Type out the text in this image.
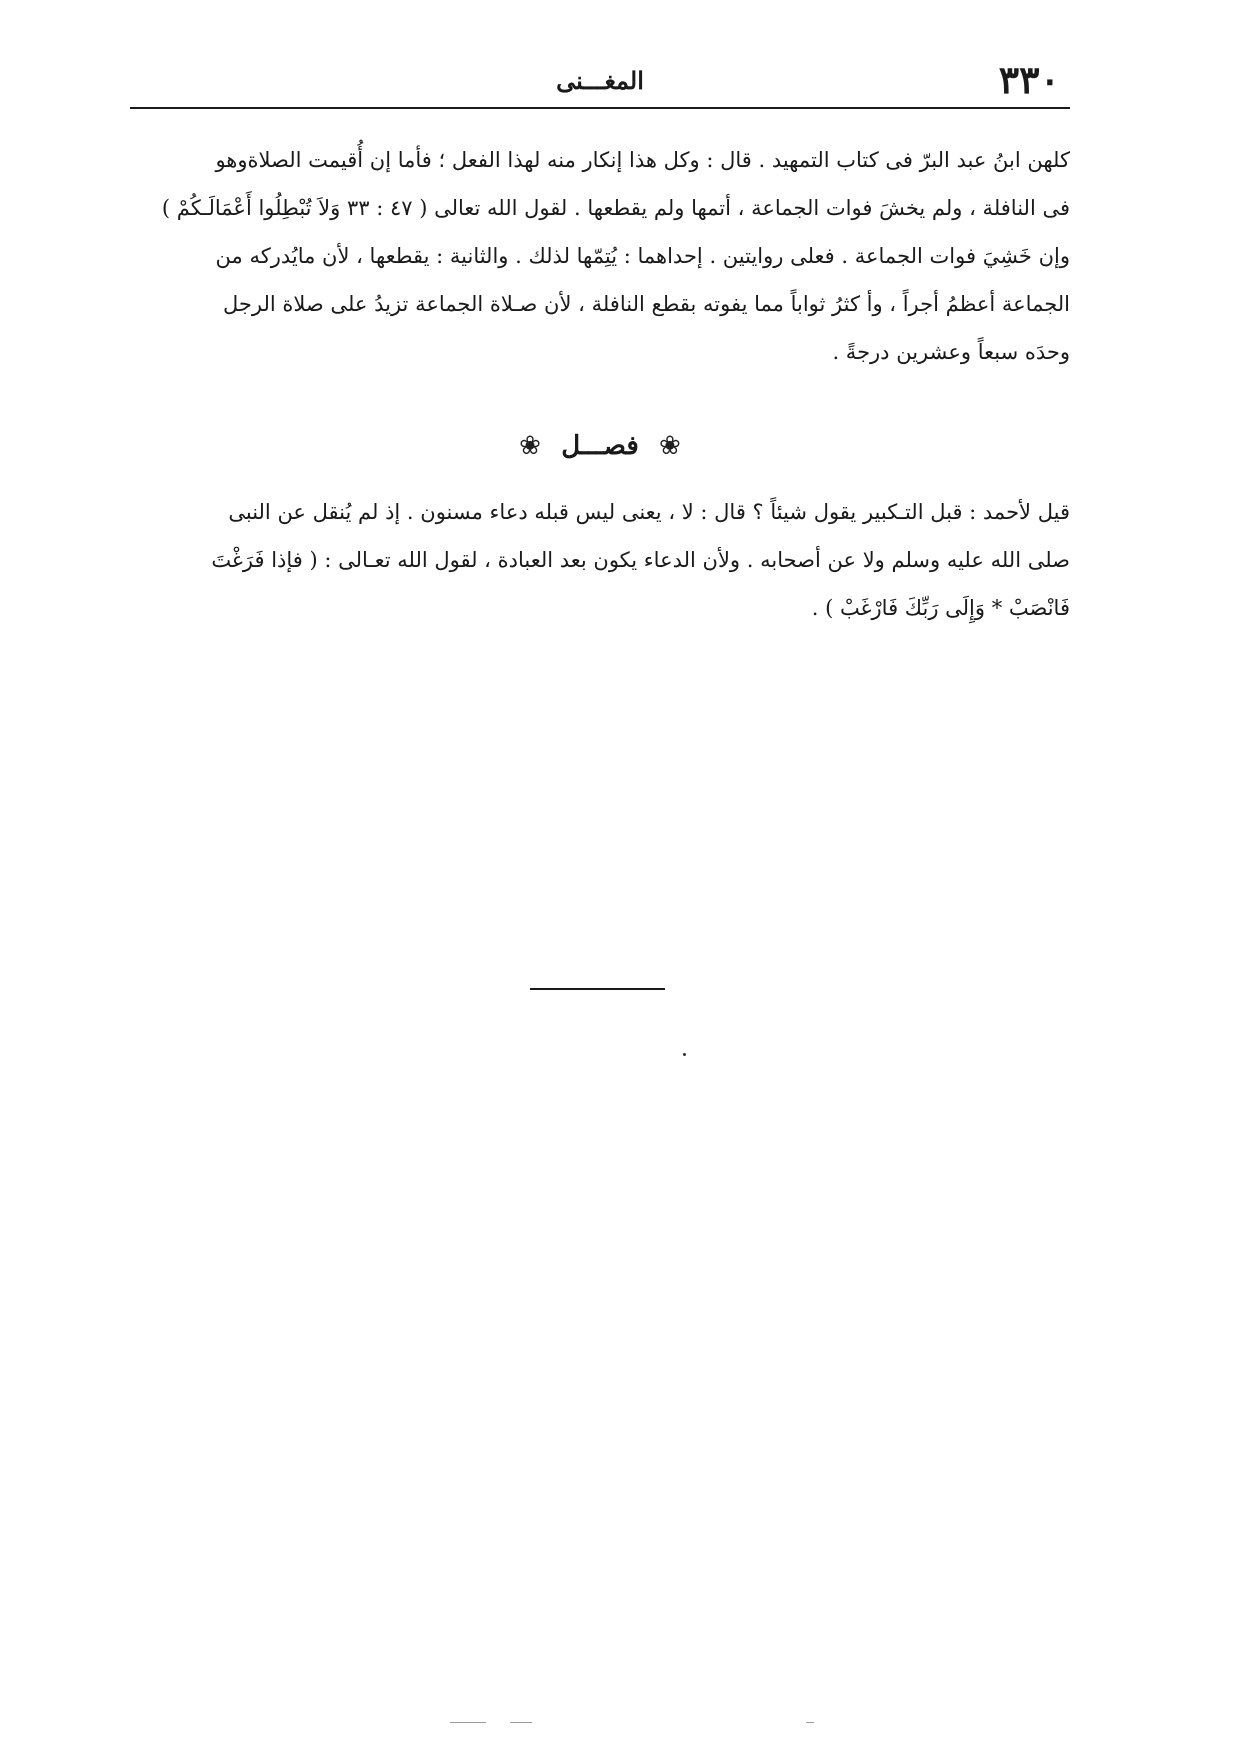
٣٣٠
المغـــنى

كلهن ابنُ عبد البرّ فى كتاب التمهيد . قال : وكل هذا إنكار منه لهذا الفعل ؛ فأما إن أُقيمت الصلاةوهو

فى النافلة ، ولم يخشَ فوات الجماعة ، أتمها ولم يقطعها . لقول الله تعالى ( ٤٧ : ٣٣ وَلاَ تُبْطِلُوا أَعْمَالَـكُمْ )

وإن خَشِيَ فوات الجماعة . فعلى روايتين . إحداهما : يُتِمّها لذلك . والثانية : يقطعها ، لأن مايُدركه من

الجماعة أعظمُ أجراً ، وأ كثرُ ثواباً مما يفوته بقطع النافلة ، لأن صـلاة الجماعة تزيدُ على صلاة الرجل

وحدَه سبعاً وعشرين درجةً .

❀ فصـــل ❀

قيل لأحمد : قبل التـكبير يقول شيئاً ؟ قال : لا ، يعنى ليس قبله دعاء مسنون . إذ لم يُنقل عن النبى

صلى الله عليه وسلم ولا عن أصحابه . ولأن الدعاء يكون بعد العبادة ، لقول الله تعـالى : ( فإذا فَرَغْتَ

فَانْصَبْ * وَإِلَى رَبِّكَ فَارْغَبْ ) .
